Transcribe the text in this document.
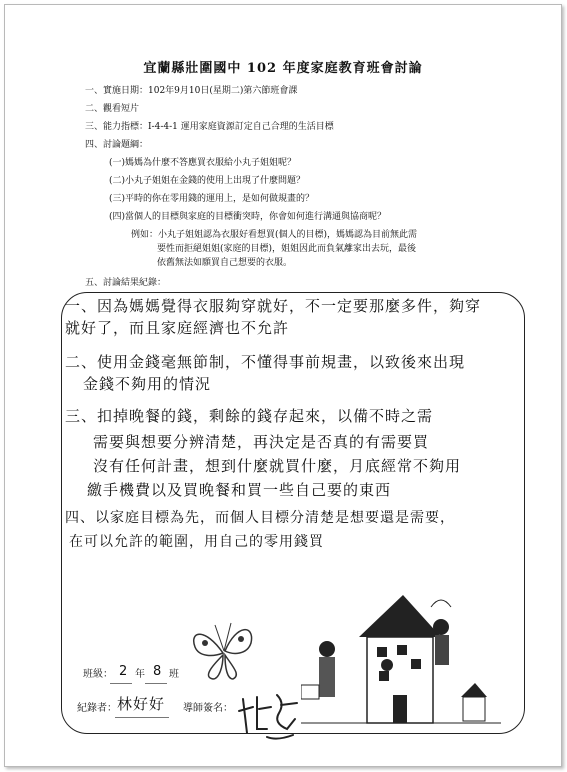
宜蘭縣壯圍國中 102 年度家庭教育班會討論
一、實施日期：102年9月10日(星期二)第六節班會課
二、觀看短片
三、能力指標：I-4-4-1 運用家庭資源訂定自己合理的生活目標
四、討論題綱：
(一)媽媽為什麼不答應買衣服給小丸子姐姐呢？
(二)小丸子姐姐在金錢的使用上出現了什麼問題？
(三)平時的你在零用錢的運用上，是如何做規畫的？
(四)當個人的目標與家庭的目標衝突時，你會如何進行溝通與協商呢？
例如：小丸子姐姐認為衣服好看想買(個人的目標)，媽媽認為目前無此需
要性而拒絕姐姐(家庭的目標)，姐姐因此而負氣離家出去玩，最後
依舊無法如願買自己想要的衣服。
五、討論結果紀錄：
一、因為媽媽覺得衣服夠穿就好，不一定要那麼多件，夠穿
就好了，而且家庭經濟也不允許
二、使用金錢毫無節制，不懂得事前規畫，以致後來出現
金錢不夠用的情況
三、扣掉晚餐的錢，剩餘的錢存起來，以備不時之需
需要與想要分辨清楚，再決定是否真的有需要買
沒有任何計畫，想到什麼就買什麼，月底經常不夠用
繳手機費以及買晚餐和買一些自己要的東西
四、以家庭目標為先，而個人目標分清楚是想要還是需要，
在可以允許的範圍，用自己的零用錢買
班級： 2 年 8 班
紀錄者： 林好好 導師簽名：
